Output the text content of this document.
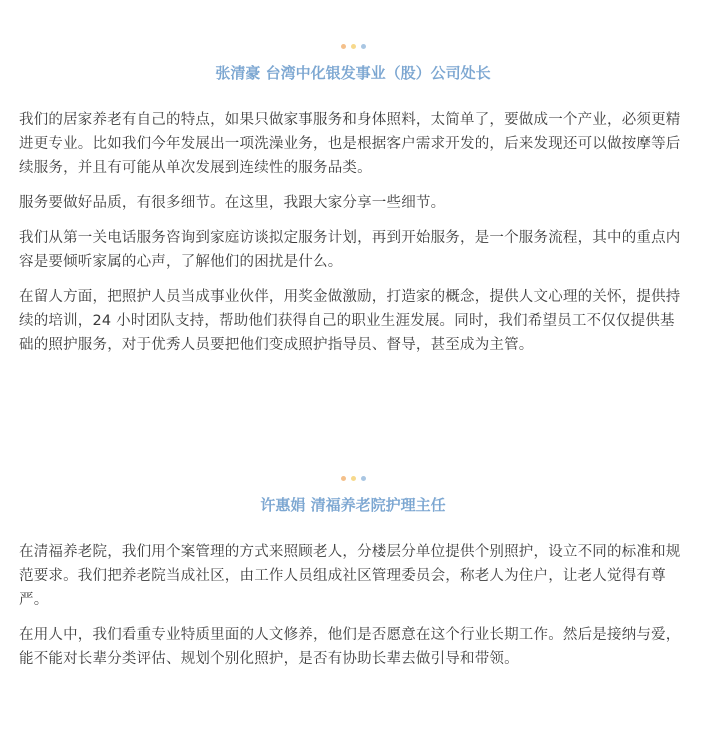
张清豪 台湾中化银发事业（股）公司处长

我们的居家养老有自己的特点，如果只做家事服务和身体照料，太简单了，要做成一个产业，必须更精进更专业。比如我们今年发展出一项洗澡业务，也是根据客户需求开发的，后来发现还可以做按摩等后续服务，并且有可能从单次发展到连续性的服务品类。

服务要做好品质，有很多细节。在这里，我跟大家分享一些细节。

我们从第一关电话服务咨询到家庭访谈拟定服务计划，再到开始服务，是一个服务流程，其中的重点内容是要倾听家属的心声，了解他们的困扰是什么。

在留人方面，把照护人员当成事业伙伴，用奖金做激励，打造家的概念，提供人文心理的关怀，提供持续的培训，24 小时团队支持，帮助他们获得自己的职业生涯发展。同时，我们希望员工不仅仅提供基础的照护服务，对于优秀人员要把他们变成照护指导员、督导，甚至成为主管。

许惠娟 清福养老院护理主任

在清福养老院，我们用个案管理的方式来照顾老人，分楼层分单位提供个别照护，设立不同的标准和规范要求。我们把养老院当成社区，由工作人员组成社区管理委员会，称老人为住户，让老人觉得有尊严。

在用人中，我们看重专业特质里面的人文修养，他们是否愿意在这个行业长期工作。然后是接纳与爱，能不能对长辈分类评估、规划个别化照护，是否有协助长辈去做引导和带领。
